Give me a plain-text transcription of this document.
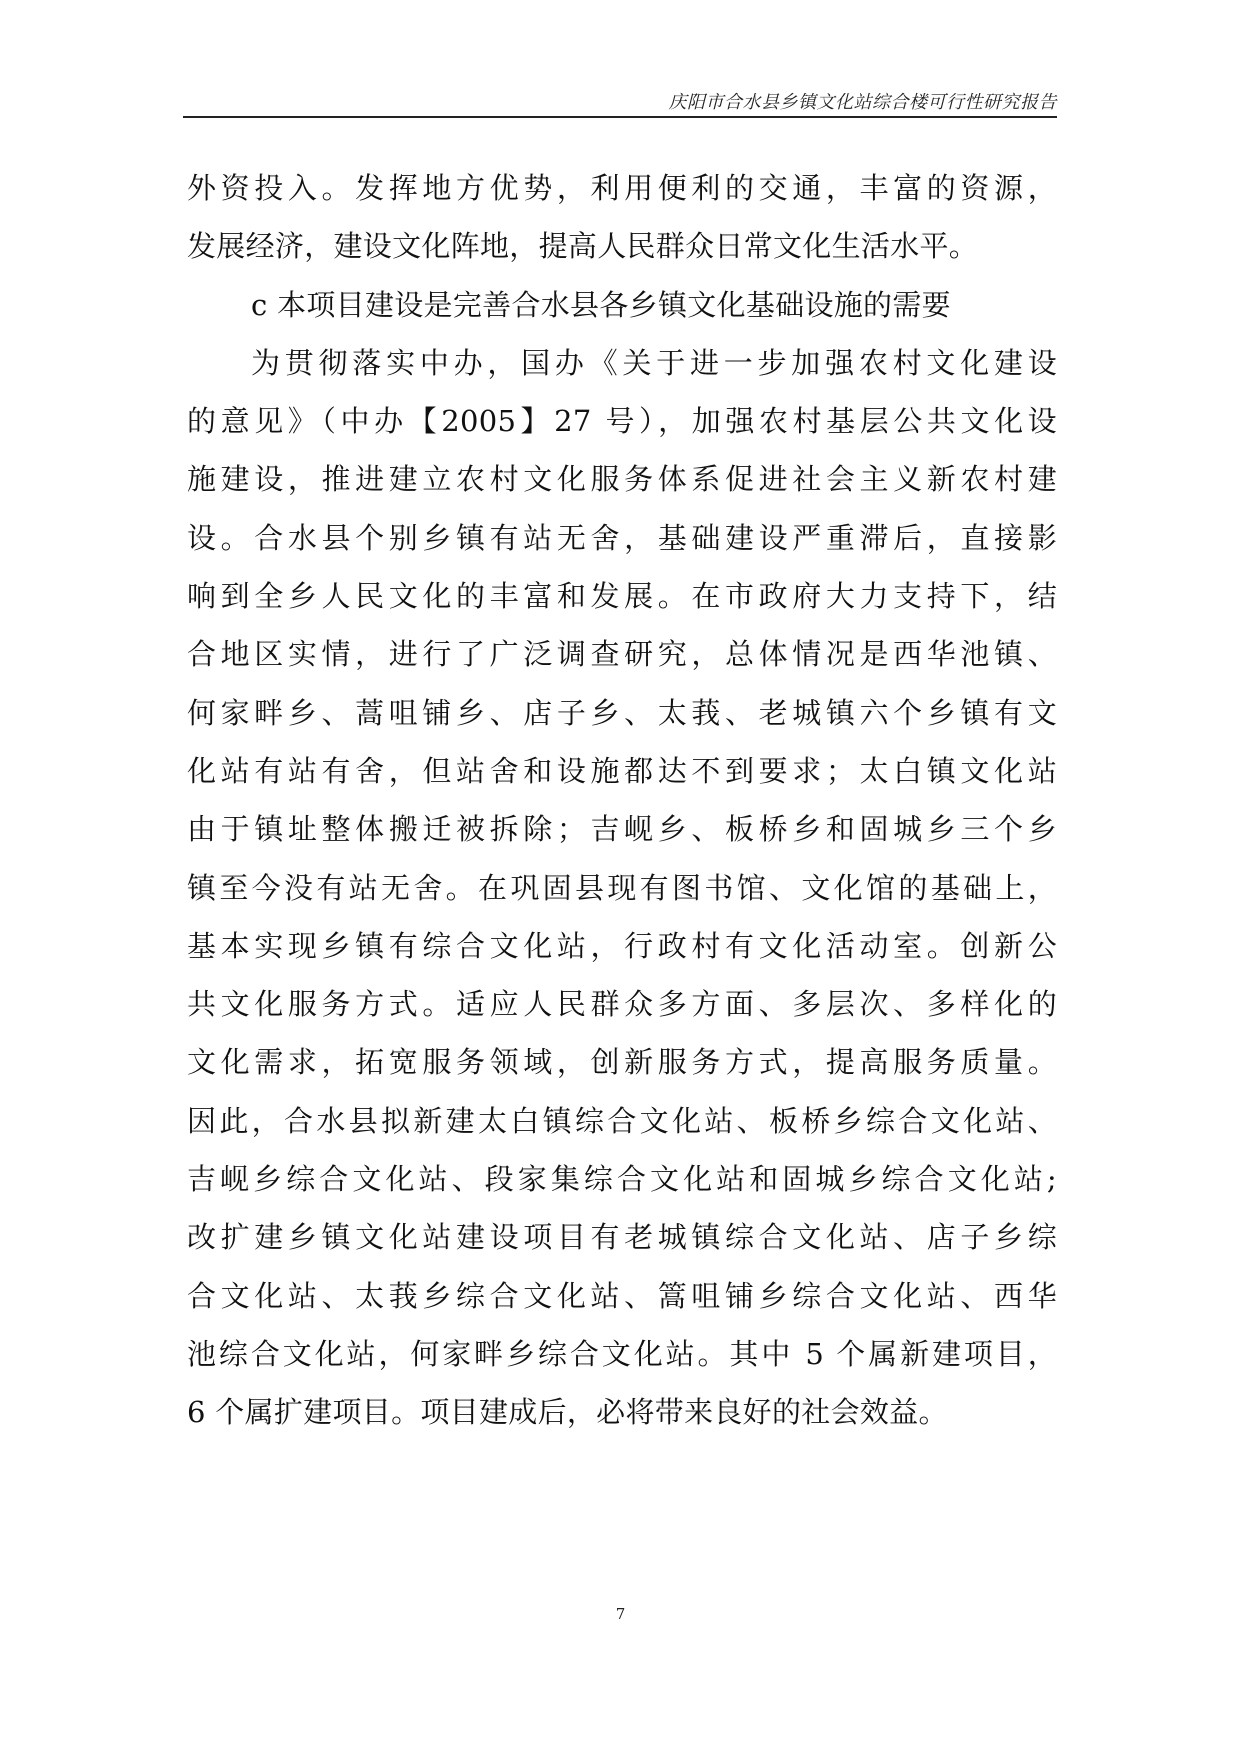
庆阳市合水县乡镇文化站综合楼可行性研究报告
外资投入。发挥地方优势，利用便利的交通，丰富的资源，
发展经济，建设文化阵地，提高人民群众日常文化生活水平。
c 本项目建设是完善合水县各乡镇文化基础设施的需要
为贯彻落实中办，国办《关于进一步加强农村文化建设
的意见》（中办【2005】27 号），加强农村基层公共文化设
施建设，推进建立农村文化服务体系促进社会主义新农村建
设。合水县个别乡镇有站无舍，基础建设严重滞后，直接影
响到全乡人民文化的丰富和发展。在市政府大力支持下，结
合地区实情，进行了广泛调查研究，总体情况是西华池镇、
何家畔乡、蒿咀铺乡、店子乡、太莪、老城镇六个乡镇有文
化站有站有舍，但站舍和设施都达不到要求；太白镇文化站
由于镇址整体搬迁被拆除；吉岘乡、板桥乡和固城乡三个乡
镇至今没有站无舍。在巩固县现有图书馆、文化馆的基础上，
基本实现乡镇有综合文化站，行政村有文化活动室。创新公
共文化服务方式。适应人民群众多方面、多层次、多样化的
文化需求，拓宽服务领域，创新服务方式，提高服务质量。
因此，合水县拟新建太白镇综合文化站、板桥乡综合文化站、
吉岘乡综合文化站、段家集综合文化站和固城乡综合文化站;
改扩建乡镇文化站建设项目有老城镇综合文化站、店子乡综
合文化站、太莪乡综合文化站、篙咀铺乡综合文化站、西华
池综合文化站，何家畔乡综合文化站。其中 5 个属新建项目，
6 个属扩建项目。项目建成后，必将带来良好的社会效益。
7
